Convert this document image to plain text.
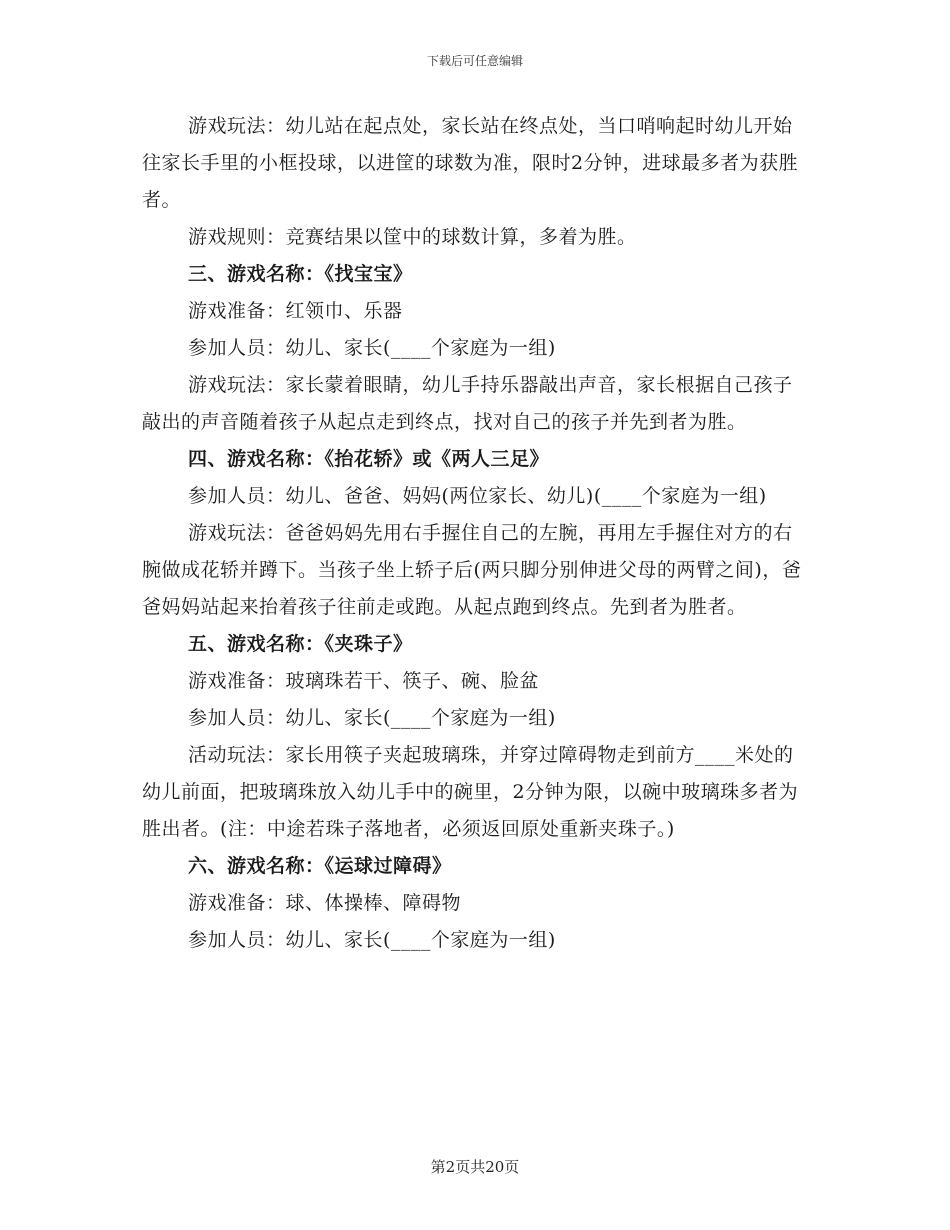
下载后可任意编辑

游戏玩法：幼儿站在起点处，家长站在终点处，当口哨响起时幼儿开始往家长手里的小框投球，以进筐的球数为准，限时2分钟，进球最多者为获胜者。

游戏规则：竞赛结果以筐中的球数计算，多着为胜。

三、游戏名称：《找宝宝》

游戏准备：红领巾、乐器

参加人员：幼儿、家长(____个家庭为一组)

游戏玩法：家长蒙着眼睛，幼儿手持乐器敲出声音，家长根据自己孩子敲出的声音随着孩子从起点走到终点，找对自己的孩子并先到者为胜。

四、游戏名称：《抬花轿》或《两人三足》

参加人员：幼儿、爸爸、妈妈(两位家长、幼儿)(____个家庭为一组)

游戏玩法：爸爸妈妈先用右手握住自己的左腕，再用左手握住对方的右腕做成花轿并蹲下。当孩子坐上轿子后(两只脚分别伸进父母的两臂之间)，爸爸妈妈站起来抬着孩子往前走或跑。从起点跑到终点。先到者为胜者。

五、游戏名称：《夹珠子》

游戏准备：玻璃珠若干、筷子、碗、脸盆

参加人员：幼儿、家长(____个家庭为一组)

活动玩法：家长用筷子夹起玻璃珠，并穿过障碍物走到前方____米处的幼儿前面，把玻璃珠放入幼儿手中的碗里，2分钟为限，以碗中玻璃珠多者为胜出者。(注：中途若珠子落地者，必须返回原处重新夹珠子。)

六、游戏名称：《运球过障碍》

游戏准备：球、体操棒、障碍物

参加人员：幼儿、家长(____个家庭为一组)

第2页共20页
